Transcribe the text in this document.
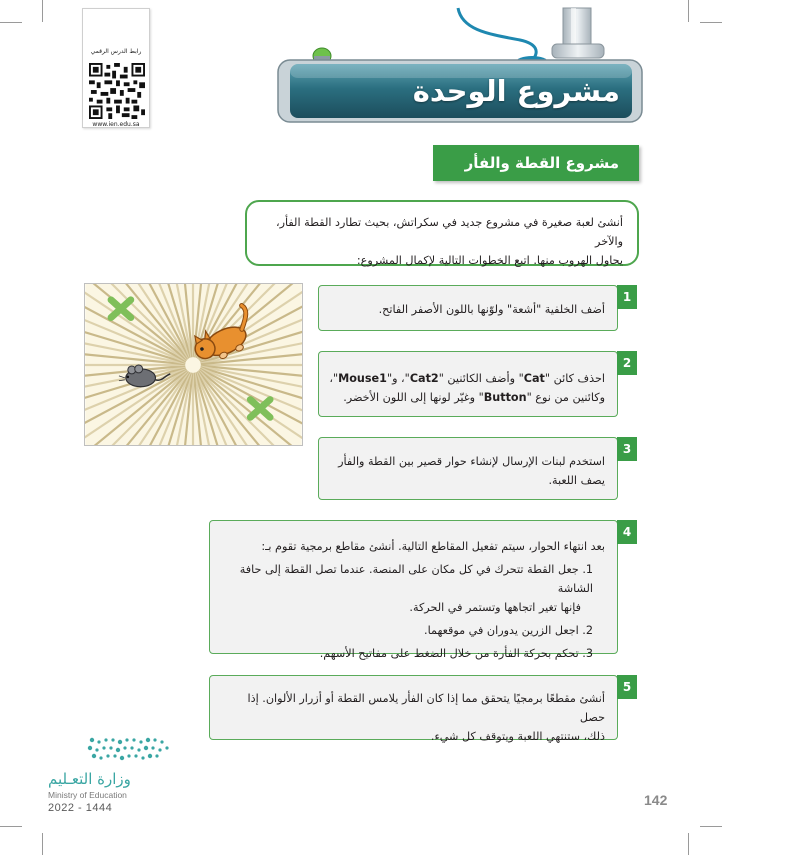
رابط الدرس الرقمي
www.ien.edu.sa
مشروع الوحدة
مشروع القطة والفأر
أنشئ لعبة صغيرة في مشروع جديد في سكراتش، بحيث تطارد القطة الفأر، والآخر
يحاول الهروب منها. اتبع الخطوات التالية لإكمال المشروع:
1
أضف الخلفية "أشعة" ولوّنها باللون الأصفر الفاتح.
2
احذف كائن "Cat" وأضف الكائنين "Cat2"، و"Mouse1"،
وكائنين من نوع "Button" وغيّر لونها إلى اللون الأخضر.
3
استخدم لبنات الإرسال لإنشاء حوار قصير بين القطة والفأر
يصف اللعبة.
4
بعد انتهاء الحوار، سيتم تفعيل المقاطع التالية. أنشئ مقاطع برمجية تقوم بـ:
1. جعل القطة تتحرك في كل مكان على المنصة. عندما تصل القطة إلى حافة الشاشة
فإنها تغير اتجاهها وتستمر في الحركة.
2. اجعل الزرين يدوران في موقعهما.
3. تحكم بحركة الفأرة من خلال الضغط على مفاتيح الأسهم.
5
أنشئ مقطعًا برمجيًا يتحقق مما إذا كان الفأر يلامس القطة أو أزرار الألوان. إذا حصل
ذلك، ستنتهي اللعبة ويتوقف كل شيء.
وزارة التعـليم
Ministry of Education
2022 - 1444	142
